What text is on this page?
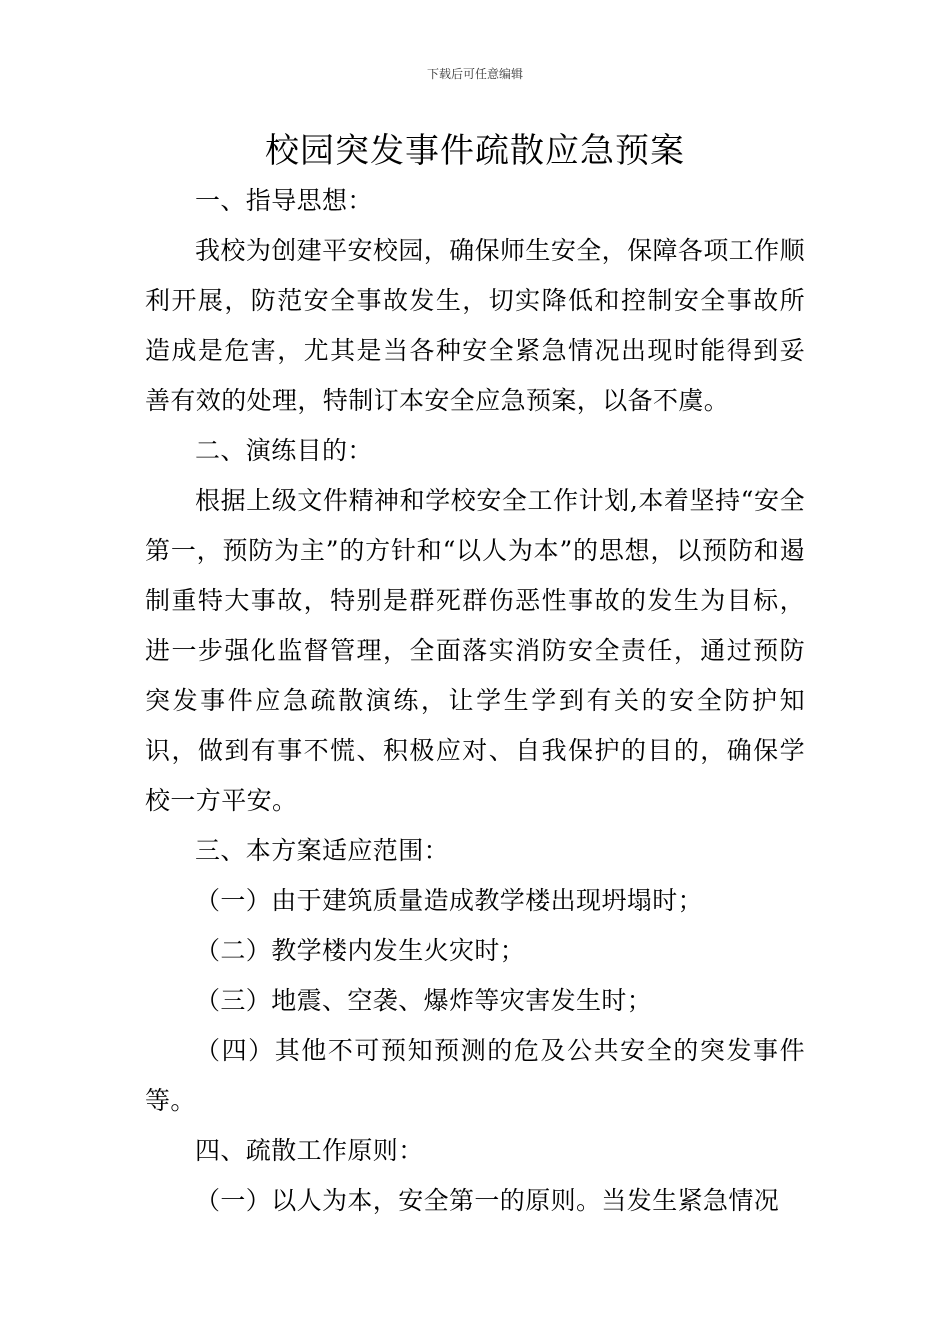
下载后可任意编辑
校园突发事件疏散应急预案

一、指导思想：

我校为创建平安校园，确保师生安全，保障各项工作顺利开展，防范安全事故发生，切实降低和控制安全事故所造成是危害，尤其是当各种安全紧急情况出现时能得到妥善有效的处理，特制订本安全应急预案，以备不虞。

二、演练目的：

根据上级文件精神和学校安全工作计划,本着坚持“安全第一，预防为主”的方针和“以人为本”的思想，以预防和遏制重特大事故，特别是群死群伤恶性事故的发生为目标，进一步强化监督管理，全面落实消防安全责任，通过预防突发事件应急疏散演练，让学生学到有关的安全防护知识，做到有事不慌、积极应对、自我保护的目的，确保学校一方平安。

三、本方案适应范围：

（一）由于建筑质量造成教学楼出现坍塌时；

（二）教学楼内发生火灾时；

（三）地震、空袭、爆炸等灾害发生时；

（四）其他不可预知预测的危及公共安全的突发事件等。

四、疏散工作原则：

（一）以人为本，安全第一的原则。当发生紧急情况
